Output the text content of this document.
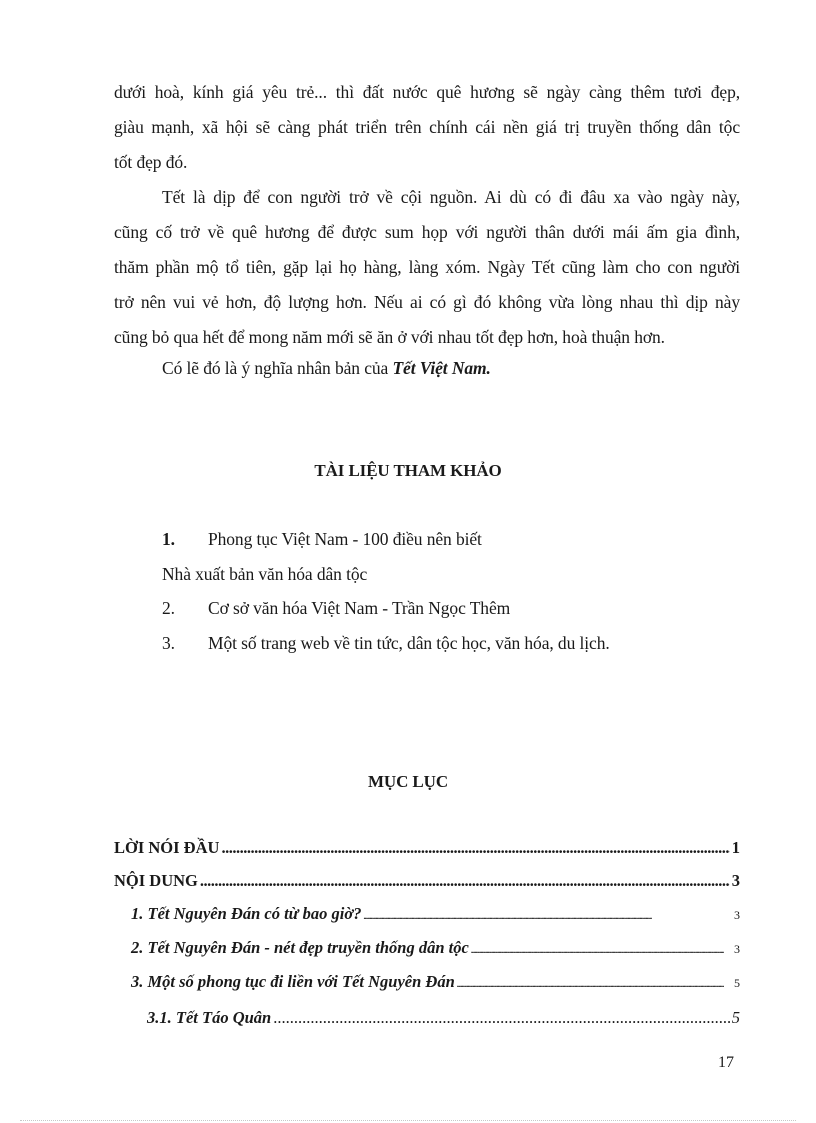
dưới hoà, kính giá yêu trẻ... thì đất nước quê hương sẽ ngày càng thêm tươi đẹp,
giàu mạnh, xã hội sẽ càng phát triển trên chính cái nền giá trị truyền thống dân tộc
tốt đẹp đó.
Tết là dịp để con người trở về cội nguồn. Ai dù có đi đâu xa vào ngày này,
cũng cố trở về quê hương để được sum họp với người thân dưới mái ấm gia đình,
thăm phần mộ tổ tiên, gặp lại họ hàng, làng xóm. Ngày Tết cũng làm cho con người
trở nên vui vẻ hơn, độ lượng hơn. Nếu ai có gì đó không vừa lòng nhau thì dịp này
cũng bỏ qua hết để mong năm mới sẽ ăn ở với nhau tốt đẹp hơn, hoà thuận hơn.
Có lẽ đó là ý nghĩa nhân bản của Tết Việt Nam.
TÀI LIỆU THAM KHẢO
1. Phong tục Việt Nam - 100 điều nên biết
Nhà xuất bản văn hóa dân tộc
2. Cơ sở văn hóa Việt Nam - Trần Ngọc Thêm
3. Một số trang web về tin tức, dân tộc học, văn hóa, du lịch.
MỤC LỤC
LỜI NÓI ĐẦU .....	1
NỘI DUNG .....	3
1. Tết Nguyên Đán có từ bao giờ? .....	3
2. Tết Nguyên Đán - nét đẹp truyền thống dân tộc .....	3
3. Một số phong tục đi liền với Tết Nguyên Đán .....	5
3.1. Tết Táo Quân .....	5
17
